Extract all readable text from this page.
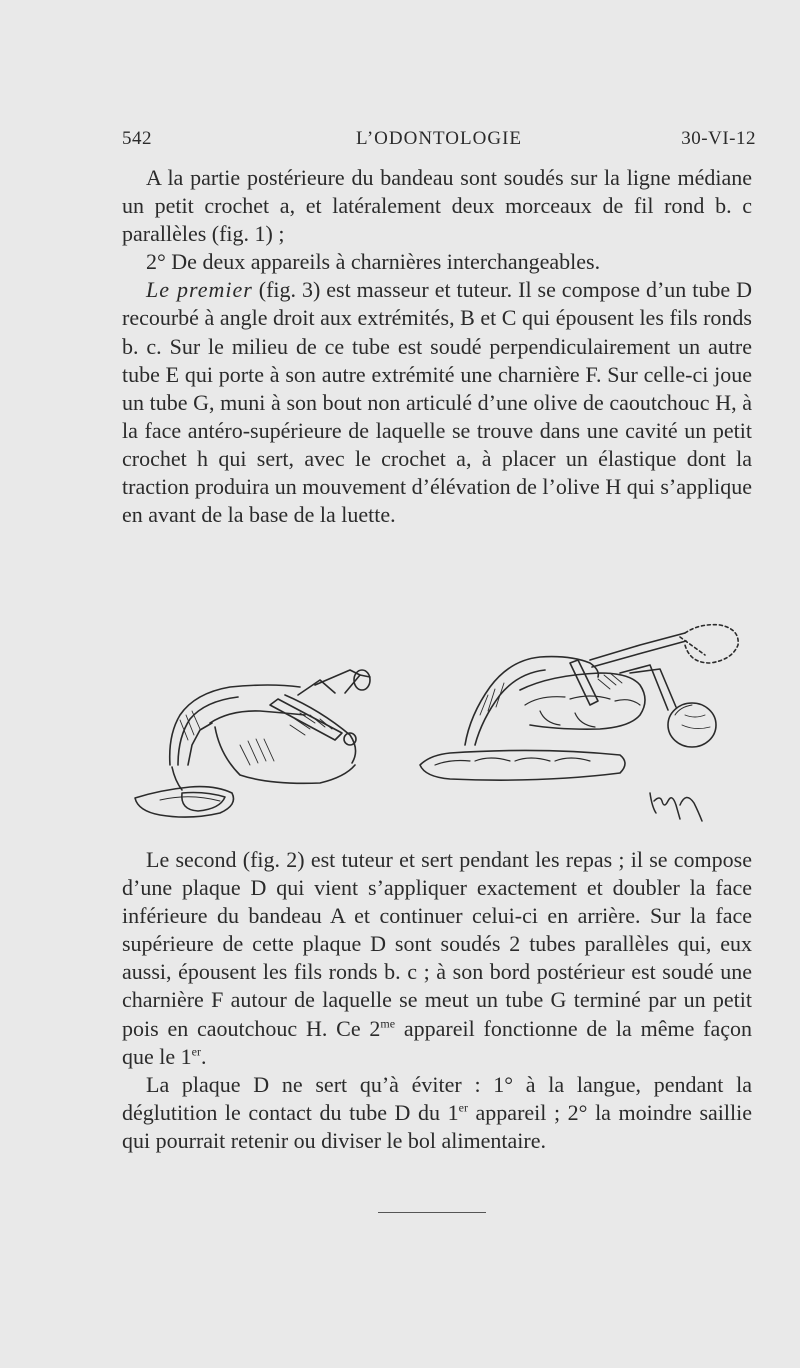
542	L’ODONTOLOGIE	30-VI-12

A la partie postérieure du bandeau sont soudés sur la ligne médiane un petit crochet a, et latéralement deux morceaux de fil rond b. c parallèles (fig. 1) ;

2° De deux appareils à charnières interchangeables.

Le premier (fig. 3) est masseur et tuteur. Il se compose d’un tube D recourbé à angle droit aux extrémités, B et C qui épousent les fils ronds b. c. Sur le milieu de ce tube est soudé perpendiculairement un autre tube E qui porte à son autre extrémité une charnière F. Sur celle-ci joue un tube G, muni à son bout non articulé d’une olive de caoutchouc H, à la face antéro-supérieure de laquelle se trouve dans une cavité un petit crochet h qui sert, avec le crochet a, à placer un élastique dont la traction produira un mouvement d’élévation de l’olive H qui s’applique en avant de la base de la luette.

Le second (fig. 2) est tuteur et sert pendant les repas ; il se compose d’une plaque D qui vient s’appliquer exactement et doubler la face inférieure du bandeau A et continuer celui-ci en arrière. Sur la face supérieure de cette plaque D sont soudés 2 tubes parallèles qui, eux aussi, épousent les fils ronds b. c ; à son bord postérieur est soudé une charnière F autour de laquelle se meut un tube G terminé par un petit pois en caoutchouc H. Ce $2^{me}$ appareil fonctionne de la même façon que le 1er.

La plaque D ne sert qu’à éviter : 1° à la langue, pendant la déglutition le contact du tube D du 1er appareil ; 2° la moindre saillie qui pourrait retenir ou diviser le bol alimentaire.
